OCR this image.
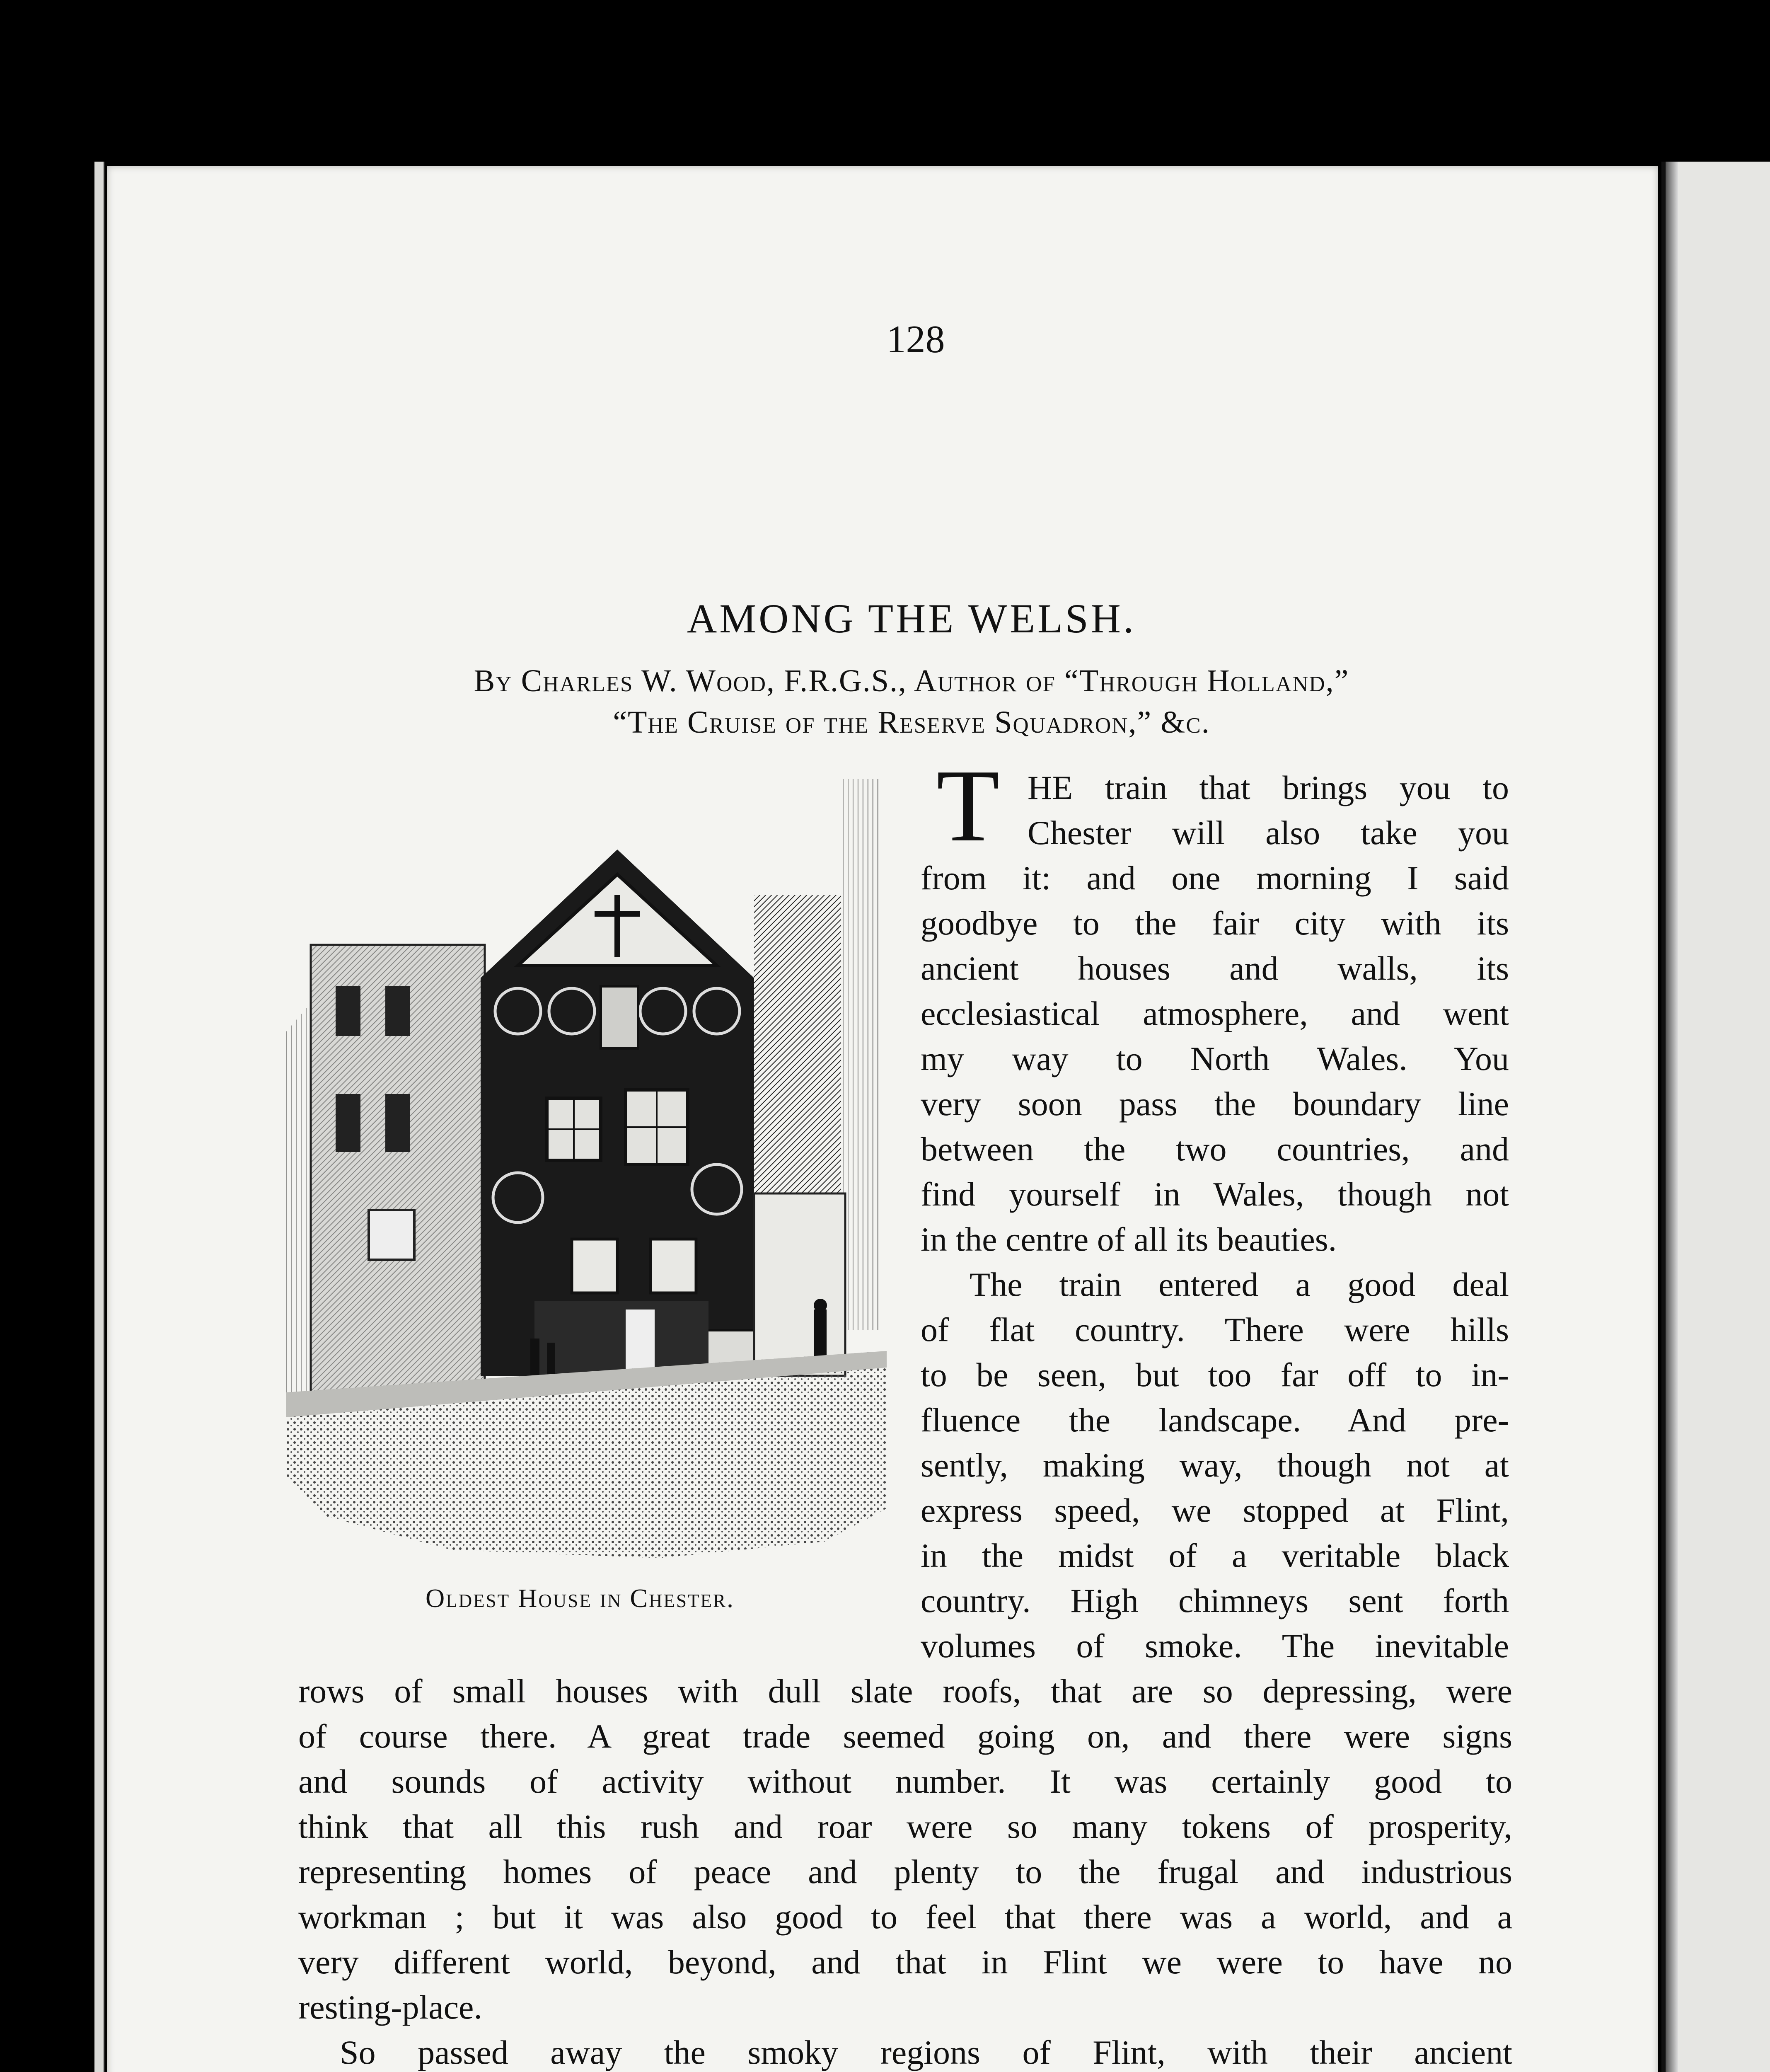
128
AMONG THE WELSH.
By Charles W. Wood, F.R.G.S., Author of “Through Holland,”
“The Cruise of the Reserve Squadron,” &c.
Oldest House in Chester.
T HE train that brings you to
Chester will also take you
from it: and one morning I said
goodbye to the fair city with its
ancient houses and walls, its
ecclesiastical atmosphere, and went
my way to North Wales. You
very soon pass the boundary line
between the two countries, and
find yourself in Wales, though not
in the centre of all its beauties.
The train entered a good deal
of flat country. There were hills
to be seen, but too far off to in-
fluence the landscape. And pre-
sently, making way, though not at
express speed, we stopped at Flint,
in the midst of a veritable black
country. High chimneys sent forth
volumes of smoke. The inevitable
rows of small houses with dull slate roofs, that are so depressing, were
of course there. A great trade seemed going on, and there were signs
and sounds of activity without number. It was certainly good to
think that all this rush and roar were so many tokens of prosperity,
representing homes of peace and plenty to the frugal and industrious
workman ; but it was also good to feel that there was a world, and a
very different world, beyond, and that in Flint we were to have no
resting-place.
So passed away the smoky regions of Flint, with their ancient
